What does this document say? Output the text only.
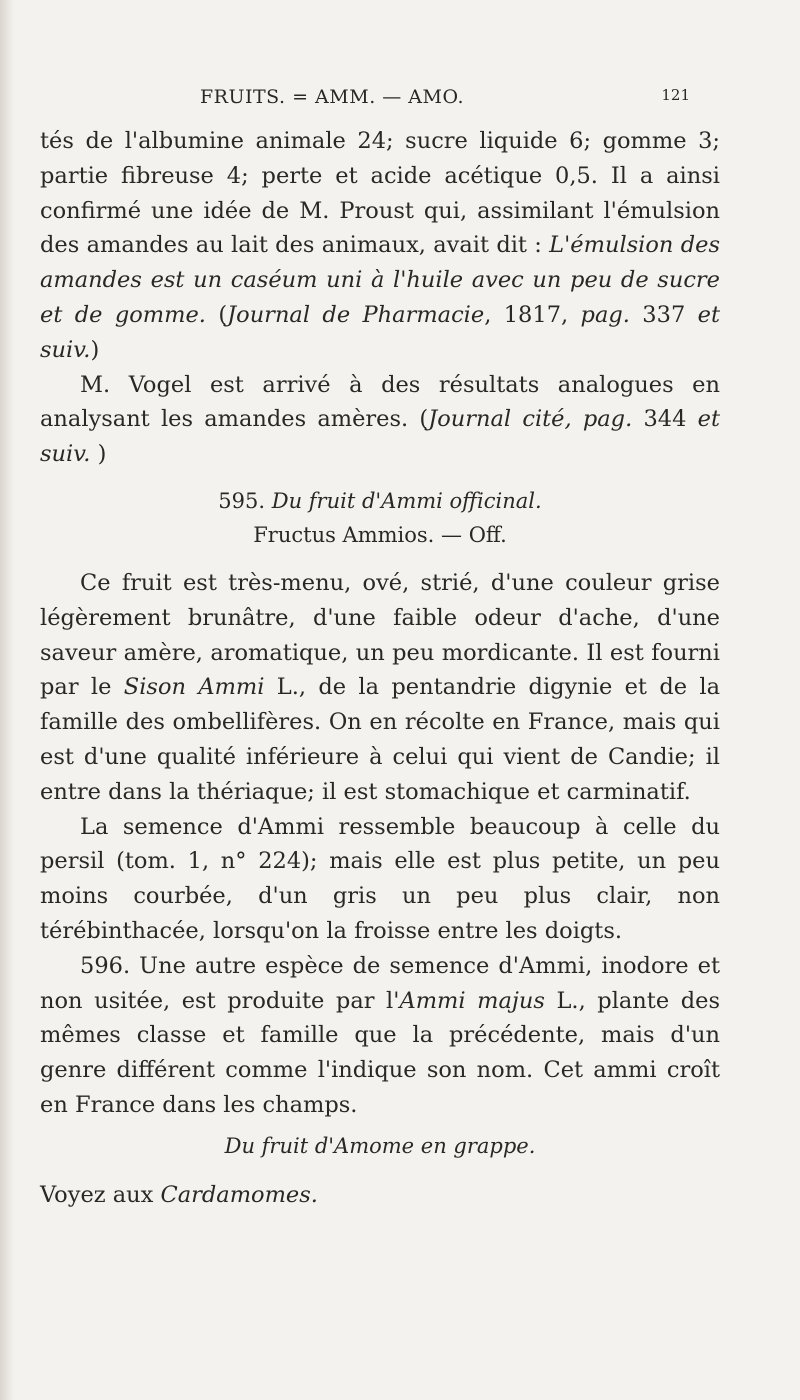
FRUITS. = AMM. — AMO.	121

tés de l'albumine animale 24; sucre liquide 6; gomme 3; partie fibreuse 4; perte et acide acétique 0,5. Il a ainsi confirmé une idée de M. Proust qui, assimilant l'émulsion des amandes au lait des animaux, avait dit : L'émulsion des amandes est un caséum uni à l'huile avec un peu de sucre et de gomme. (Journal de Pharmacie, 1817, pag. 337 et suiv.)

M. Vogel est arrivé à des résultats analogues en analysant les amandes amères. (Journal cité, pag. 344 et suiv. )

595. Du fruit d'Ammi officinal.

Fructus Ammios. — Off.

Ce fruit est très-menu, ové, strié, d'une couleur grise légèrement brunâtre, d'une faible odeur d'ache, d'une saveur amère, aromatique, un peu mordicante. Il est fourni par le Sison Ammi L., de la pentandrie digynie et de la famille des ombellifères. On en récolte en France, mais qui est d'une qualité inférieure à celui qui vient de Candie; il entre dans la thériaque; il est stomachique et carminatif.

La semence d'Ammi ressemble beaucoup à celle du persil (tom. 1, n° 224); mais elle est plus petite, un peu moins courbée, d'un gris un peu plus clair, non térébinthacée, lorsqu'on la froisse entre les doigts.

596. Une autre espèce de semence d'Ammi, inodore et non usitée, est produite par l'Ammi majus L., plante des mêmes classe et famille que la précédente, mais d'un genre différent comme l'indique son nom. Cet ammi croît en France dans les champs.

Du fruit d'Amome en grappe.

Voyez aux Cardamomes.
